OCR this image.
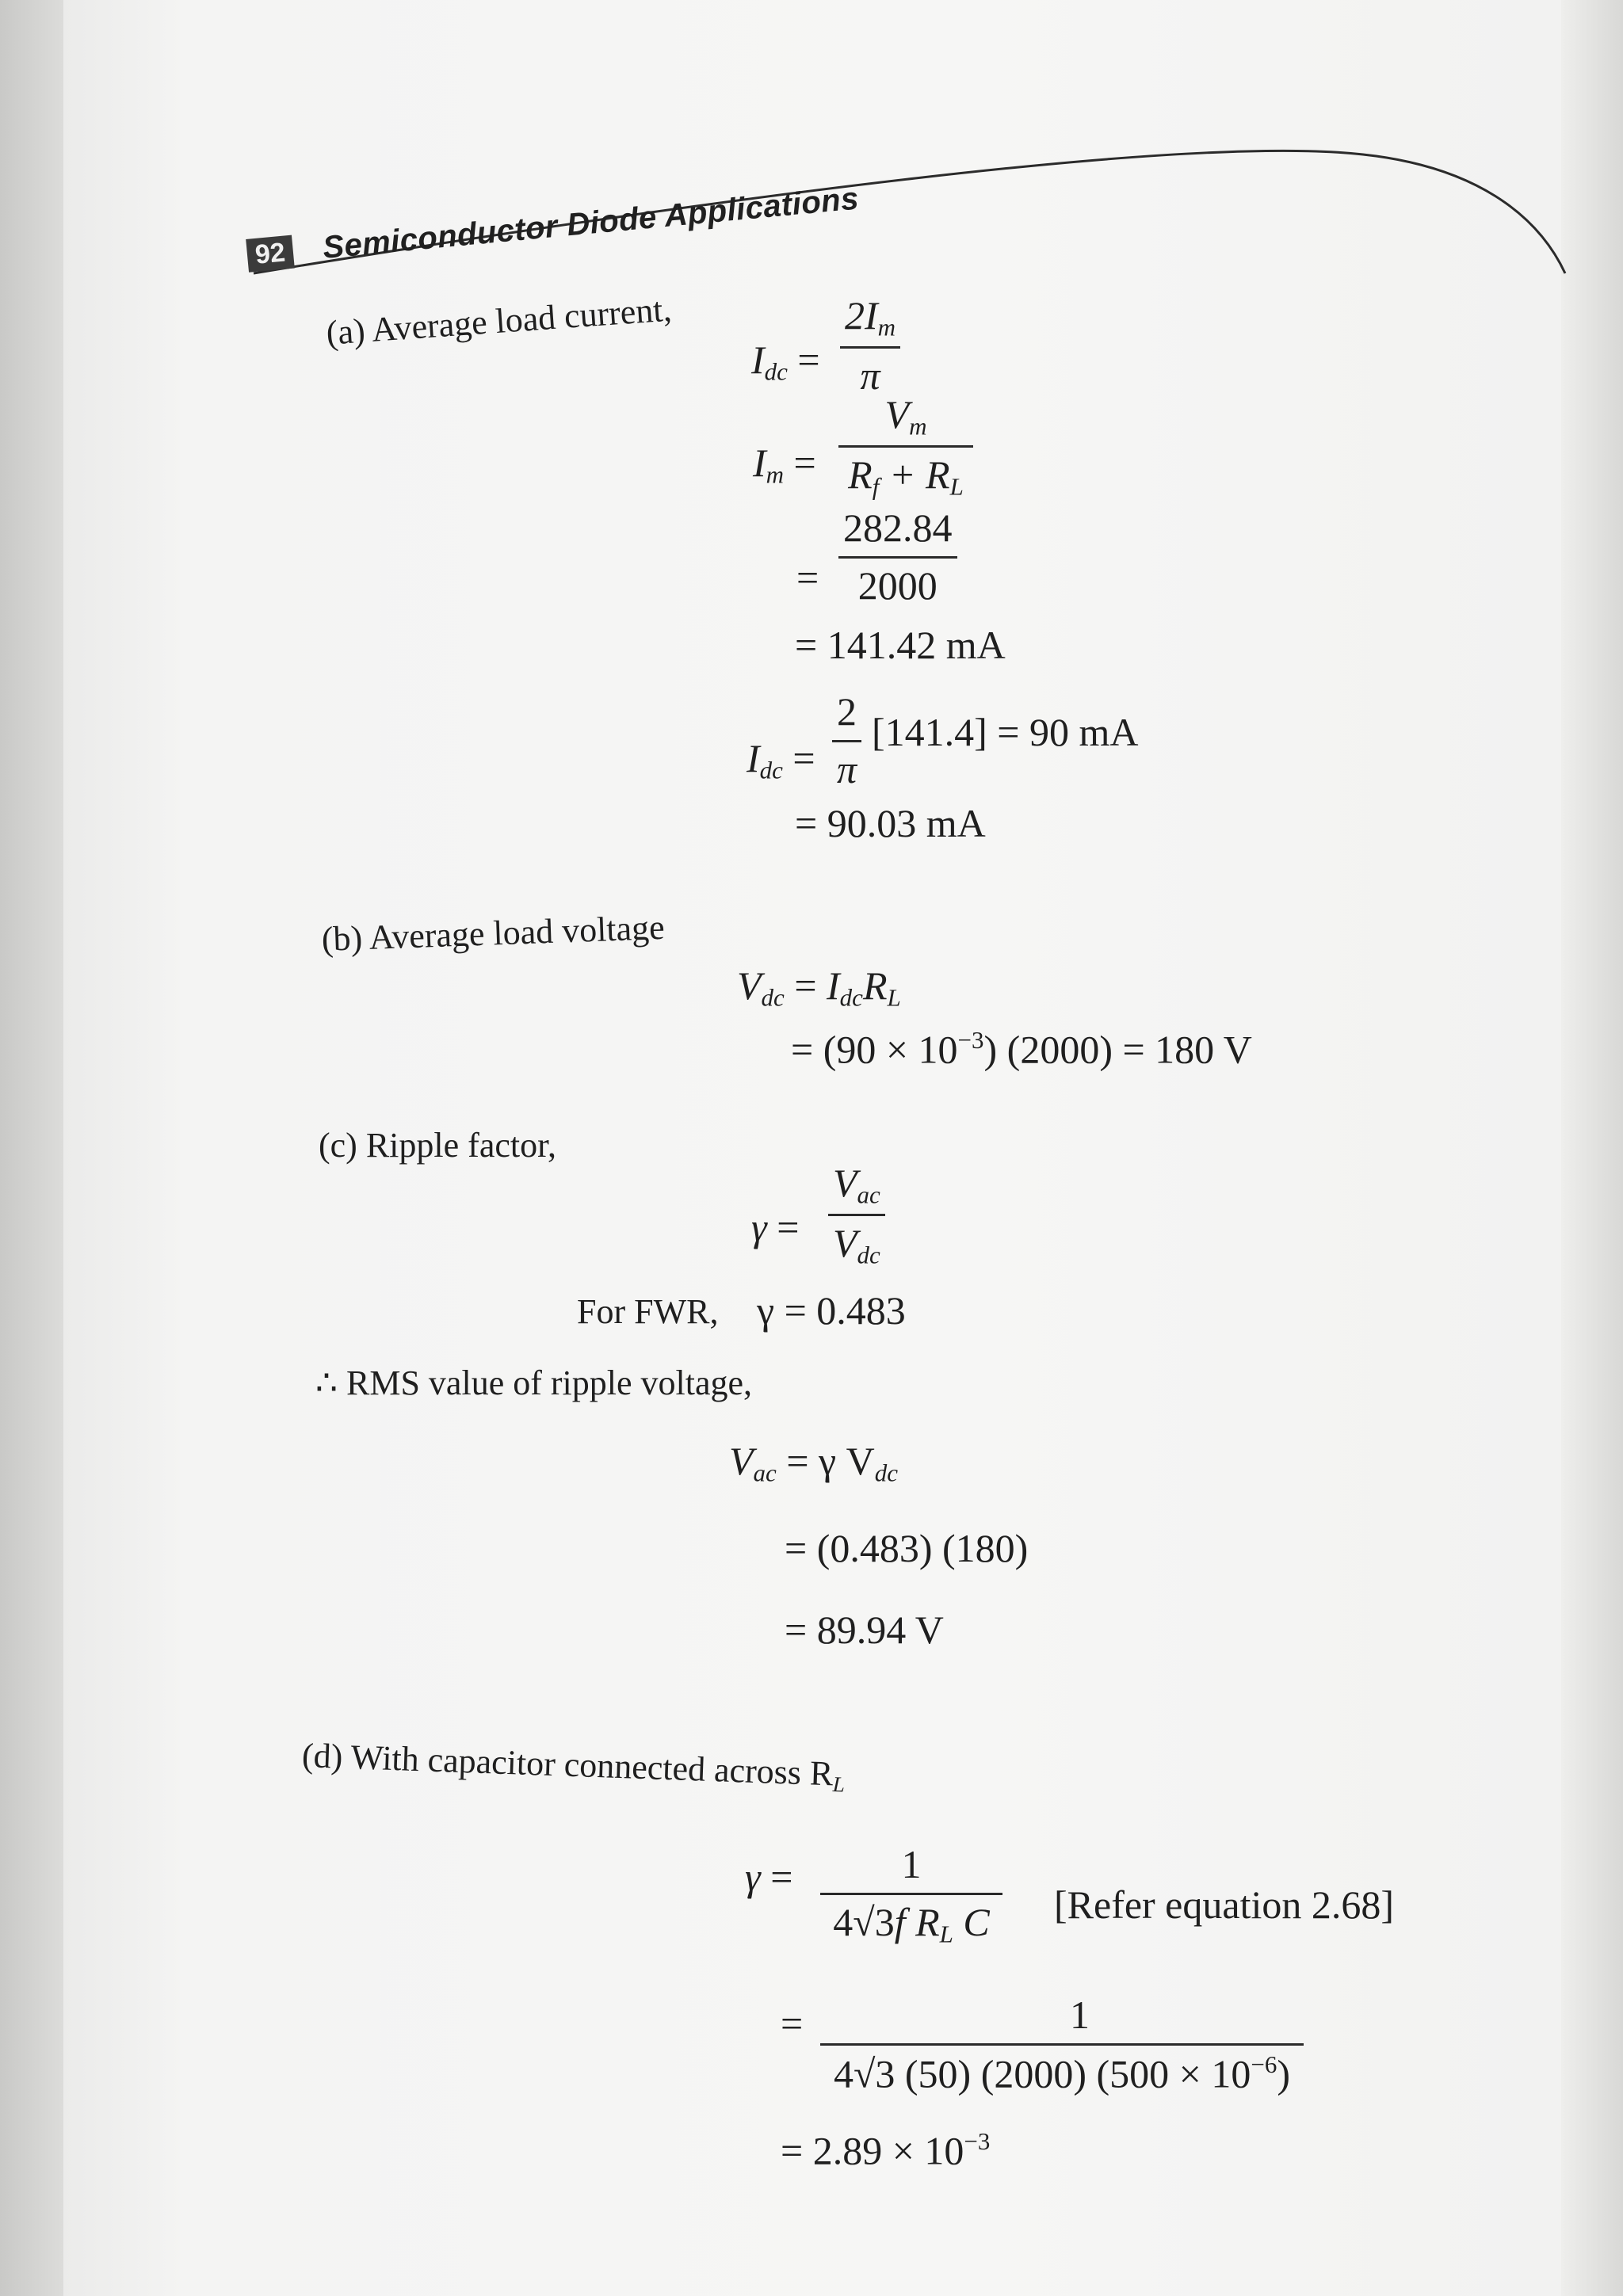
92 Semiconductor Diode Applications
(a) Average load current,
$I_{dc}$ =
$2I_m$
π
$I_m$ =
$V_m$
$R_f + R_L$
=
282.84
2000
= 141.42 mA
$I_{dc}$ =
2
π
[141.4] = 90 mA
= 90.03 mA
(b) Average load voltage
$V_{dc} = I_{dc}R_L$
= $(90 \times 10^{-3})$ (2000) = 180 V
(c) Ripple factor,
γ =
$V_{ac}$
$V_{dc}$
For FWR, γ = 0.483
∴ RMS value of ripple voltage,
$V_{ac} = \gamma$ $V_{dc}$
= (0.483) (180)
= 89.94 V
(d) With capacitor connected across $R_L$
γ =	1
4√3f $R_L$ C [Refer equation 2.68]
=	1
4√3 (50) (2000) $(500 \times 10^{-6})$
= $2.89 \times 10^{-3}$
